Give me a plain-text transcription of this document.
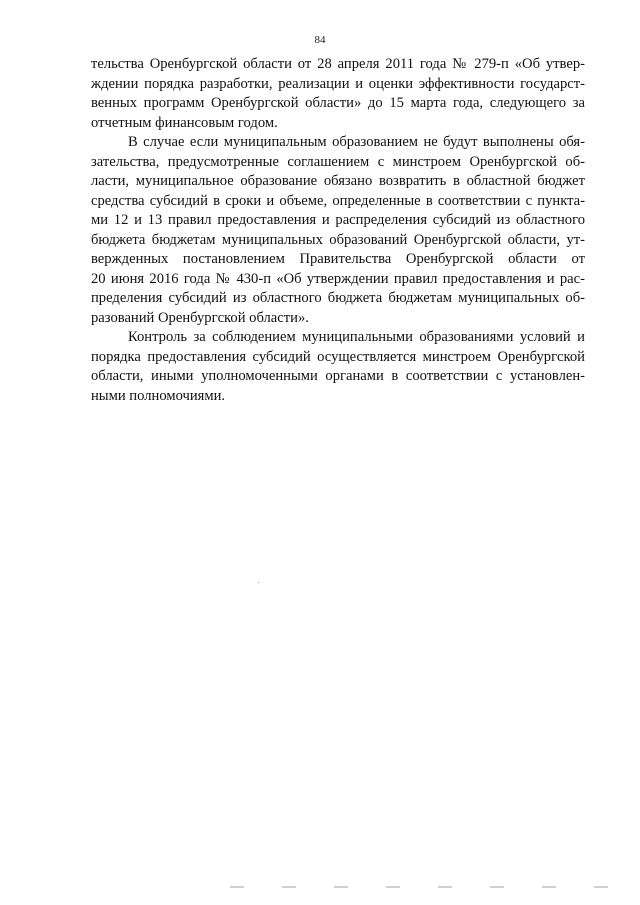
84
тельства Оренбургской области от 28 апреля 2011 года № 279-п «Об утвер-
ждении порядка разработки, реализации и оценки эффективности государст-
венных программ Оренбургской области» до 15 марта года, следующего за
отчетным финансовым годом.
В случае если муниципальным образованием не будут выполнены обя-
зательства, предусмотренные соглашением с минстроем Оренбургской об-
ласти, муниципальное образование обязано возвратить в областной бюджет
средства субсидий в сроки и объеме, определенные в соответствии с пункта-
ми 12 и 13 правил предоставления и распределения субсидий из областного
бюджета бюджетам муниципальных образований Оренбургской области, ут-
вержденных постановлением Правительства Оренбургской области от
20 июня 2016 года № 430-п «Об утверждении правил предоставления и рас-
пределения субсидий из областного бюджета бюджетам муниципальных об-
разований Оренбургской области».
Контроль за соблюдением муниципальными образованиями условий и
порядка предоставления субсидий осуществляется минстроем Оренбургской
области, иными уполномоченными органами в соответствии с установлен-
ными полномочиями.
